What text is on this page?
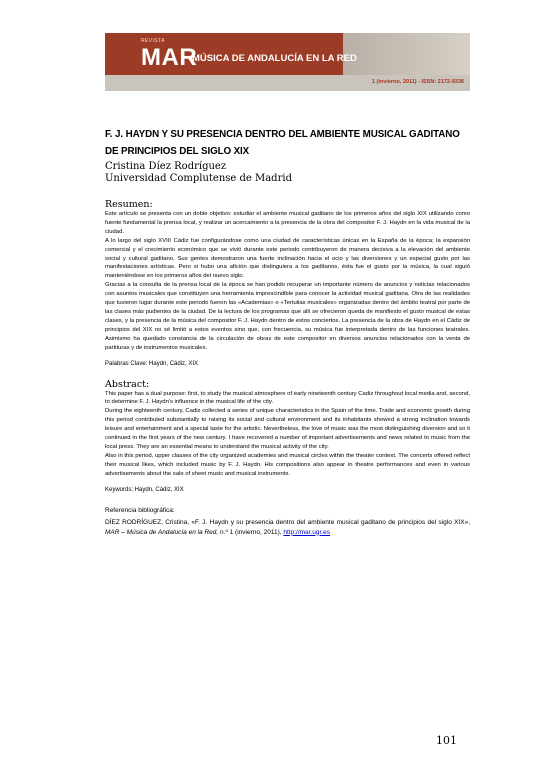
REVISTA
MAR
MÚSICA DE ANDALUCÍA EN LA RED
1 (invierno, 2011) - ISSN: 2172-9336

F. J. HAYDN Y SU PRESENCIA DENTRO DEL AMBIENTE MUSICAL GADITANO DE PRINCIPIOS DEL SIGLO XIX

Cristina Díez Rodríguez

Universidad Complutense de Madrid

Resumen:

Este artículo se presenta con un doble objetivo: estudiar el ambiente musical gaditano de los primeros años del siglo XIX utilizando como fuente fundamental la prensa local, y realizar un acercamiento a la presencia de la obra del compositor F. J. Haydn en la vida musical de la ciudad.

A lo largo del siglo XVIII Cádiz fue configurándose como una ciudad de características únicas en la España de la época; la expansión comercial y el crecimiento económico que se vivió durante este periodo contribuyeron de manera decisiva a la elevación del ambiente social y cultural gaditano. Sus gentes demostraron una fuerte inclinación hacia el ocio y las diversiones y un especial gusto por las manifestaciones artísticas. Pero si hubo una afición que distinguiera a los gaditanos, ésta fue el gusto por la música, la cual siguió manteniéndose en los primeros años del nuevo siglo.

Gracias a la consulta de la prensa local de la época se han podido recuperar un importante número de anuncios y noticias relacionados con asuntos musicales que constituyen una herramienta imprescindible para conocer la actividad musical gaditana. Otra de las realidades que tuvieron lugar durante este periodo fueron las «Academias» o «Tertulias musicales» organizadas dentro del ámbito teatral por parte de las clases más pudientes de la ciudad. De la lectura de los programas que allí se ofrecieron queda de manifiesto el gusto musical de estas clases, y la presencia de la música del compositor F. J. Haydn dentro de estos conciertos. La presencia de la obra de Haydn en el Cádiz de principios del XIX no sé limitó a estos eventos sino que, con frecuencia, su música fue interpretada dentro de las funciones teatrales. Asimismo ha quedado constancia de la circulación de obras de este compositor en diversos anuncios relacionados con la venta de partituras y de instrumentos musicales.

Palabras Clave: Haydn, Cádiz, XIX

Abstract:

This paper has a dual purpose: first, to study the musical atmosphere of early nineteenth century Cadiz throughout local media and, second, to determine F. J. Haydn's influence in the musical life of the city.

During the eighteenth century, Cadiz collected a series of unique characteristics in the Spain of the time. Trade and economic growth during this period contributed substantially to raising its social and cultural environment and its inhabitants showed a strong inclination towards leisure and entertainment and a special taste for the artistic. Nevertheless, the love of music was the most distinguishing diversion and so it continued in the first years of the new century. I have recovered a number of important advertisements and news related to music from the local press. They are an essential means to understand the musical activity of the city.

Also in this period, upper classes of the city organized academies and musical circles within the theater context. The concerts offered reflect their musical likes, which included music by F. J. Haydn. His compositions also appear in theatre performances and even in various advertisements about the sale of sheet music and musical instruments.

Keywords: Haydn, Cádiz, XIX

Referencia bibliográfica:

DÍEZ RODRÍGUEZ, Cristina, «F. J. Haydn y su presencia dentro del ambiente musical gaditano de principios del siglo XIX», MAR – Música de Andalucía en la Red, n.º 1 (invierno, 2011), http://mar.ugr.es

101
